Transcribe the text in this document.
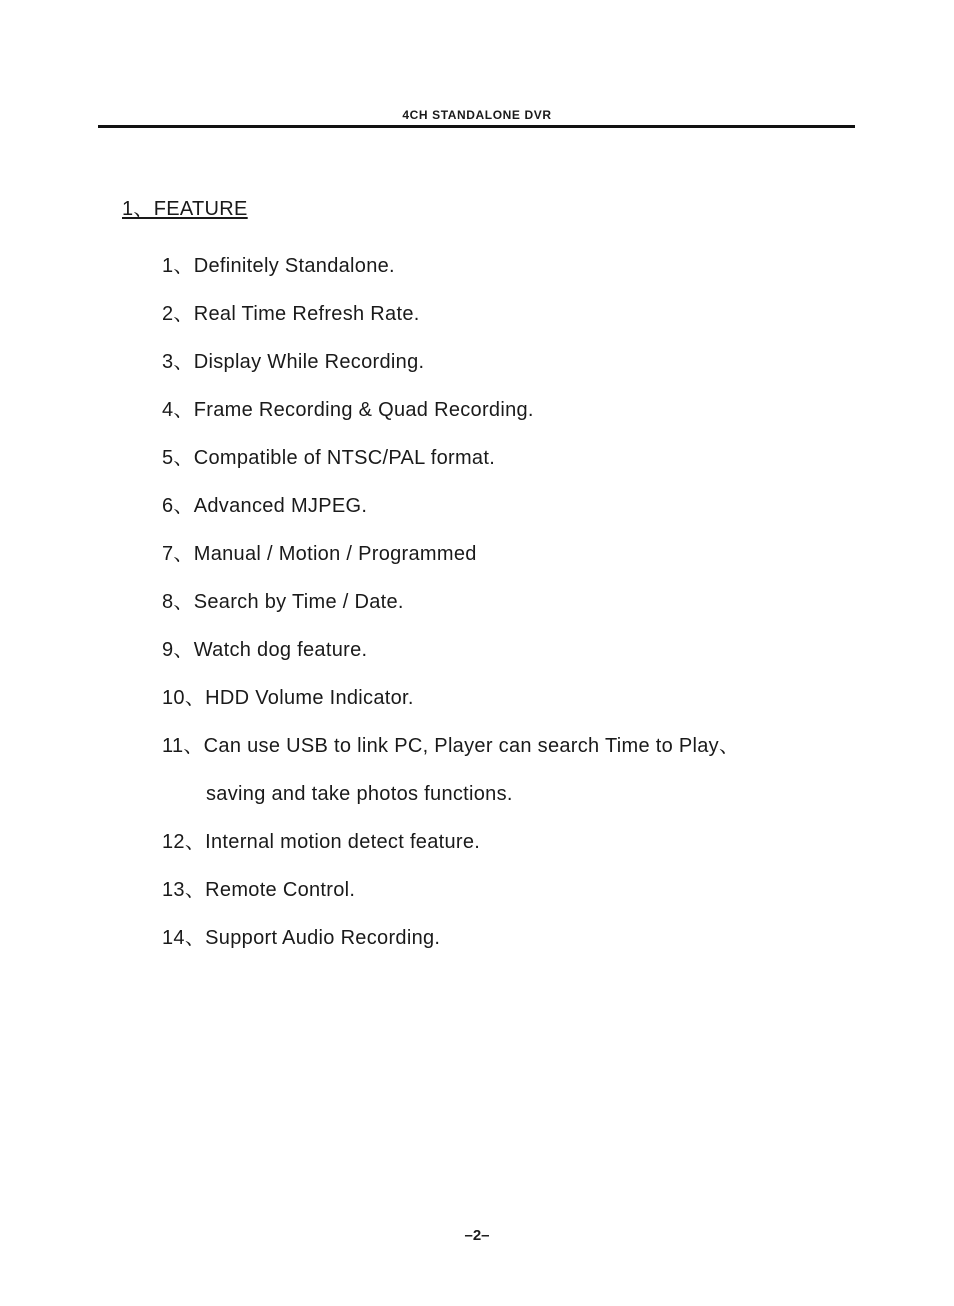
4CH STANDALONE DVR
1、FEATURE
1、Definitely Standalone.
2、Real Time Refresh Rate.
3、Display While Recording.
4、Frame Recording & Quad Recording.
5、Compatible of NTSC/PAL format.
6、Advanced MJPEG.
7、Manual / Motion / Programmed
8、Search by Time / Date.
9、Watch dog feature.
10、HDD Volume Indicator.
11、Can use USB to link PC, Player can search Time to Play、
saving and take photos functions.
12、Internal motion detect feature.
13、Remote Control.
14、Support Audio Recording.
–2–
